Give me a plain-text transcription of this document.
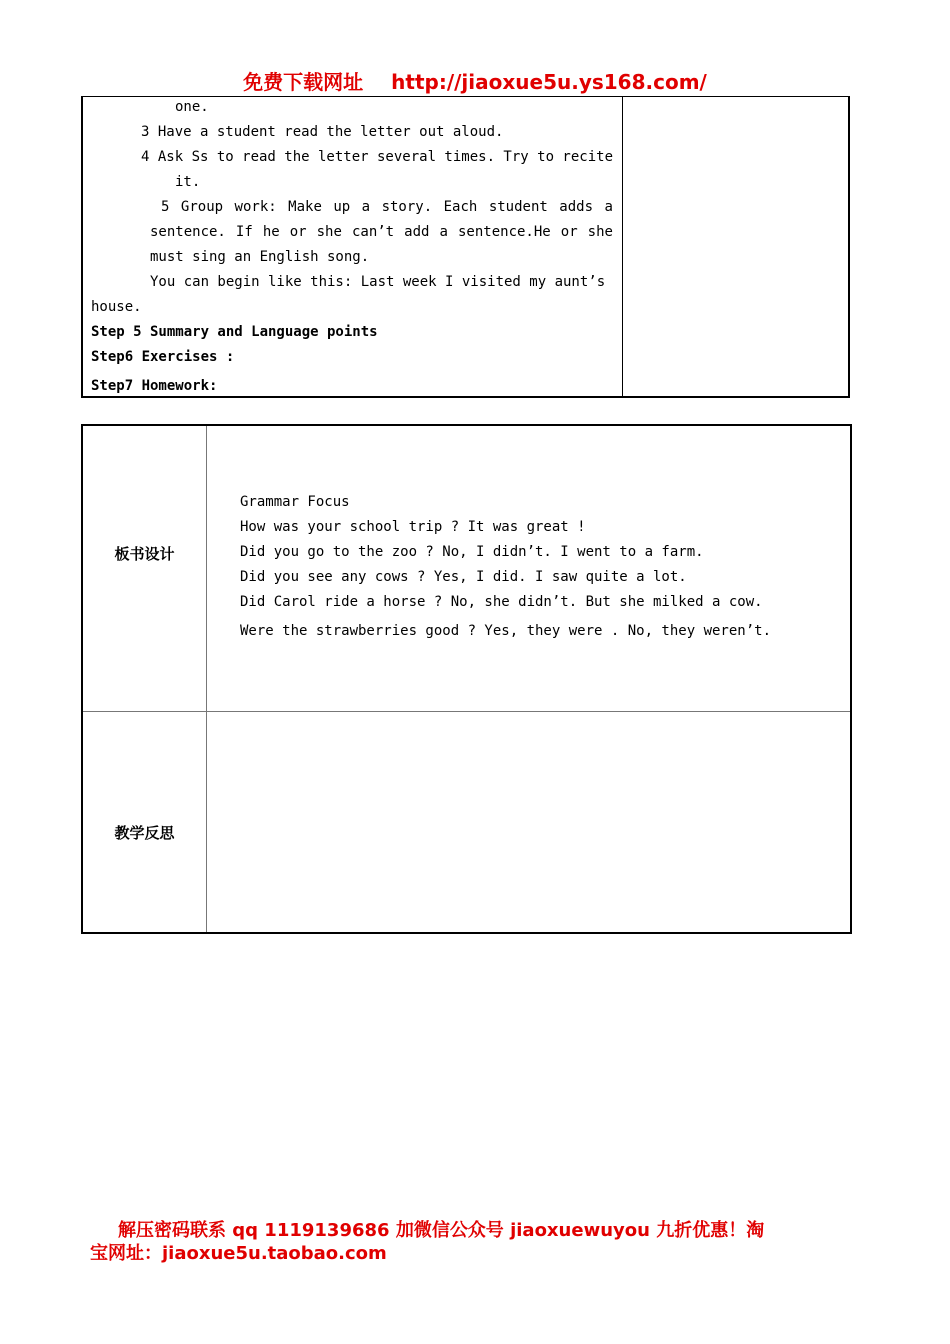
免费下载网址 http://jiaoxue5u.ys168.com/
one.
3 Have a student read the letter out aloud.
4 Ask Ss to read the letter several times. Try to recite
it.
5 Group work: Make up a story. Each student adds a
sentence. If he or she can’t add a sentence.He or she
must sing an English song.
You can begin like this: Last week I visited my aunt’s
house.
Step 5 Summary and Language points
Step6 Exercises :
Step7 Homework:
板书设计
Grammar Focus
How was your school trip ? It was great !
Did you go to the zoo ? No, I didn’t. I went to a farm.
Did you see any cows ? Yes, I did. I saw quite a lot.
Did Carol ride a horse ? No, she didn’t. But she milked a cow.
Were the strawberries good ? Yes, they were . No, they weren’t.
教学反思
解压密码联系 qq 1119139686 加微信公众号 jiaoxuewuyou 九折优惠！淘
宝网址：jiaoxue5u.taobao.com
